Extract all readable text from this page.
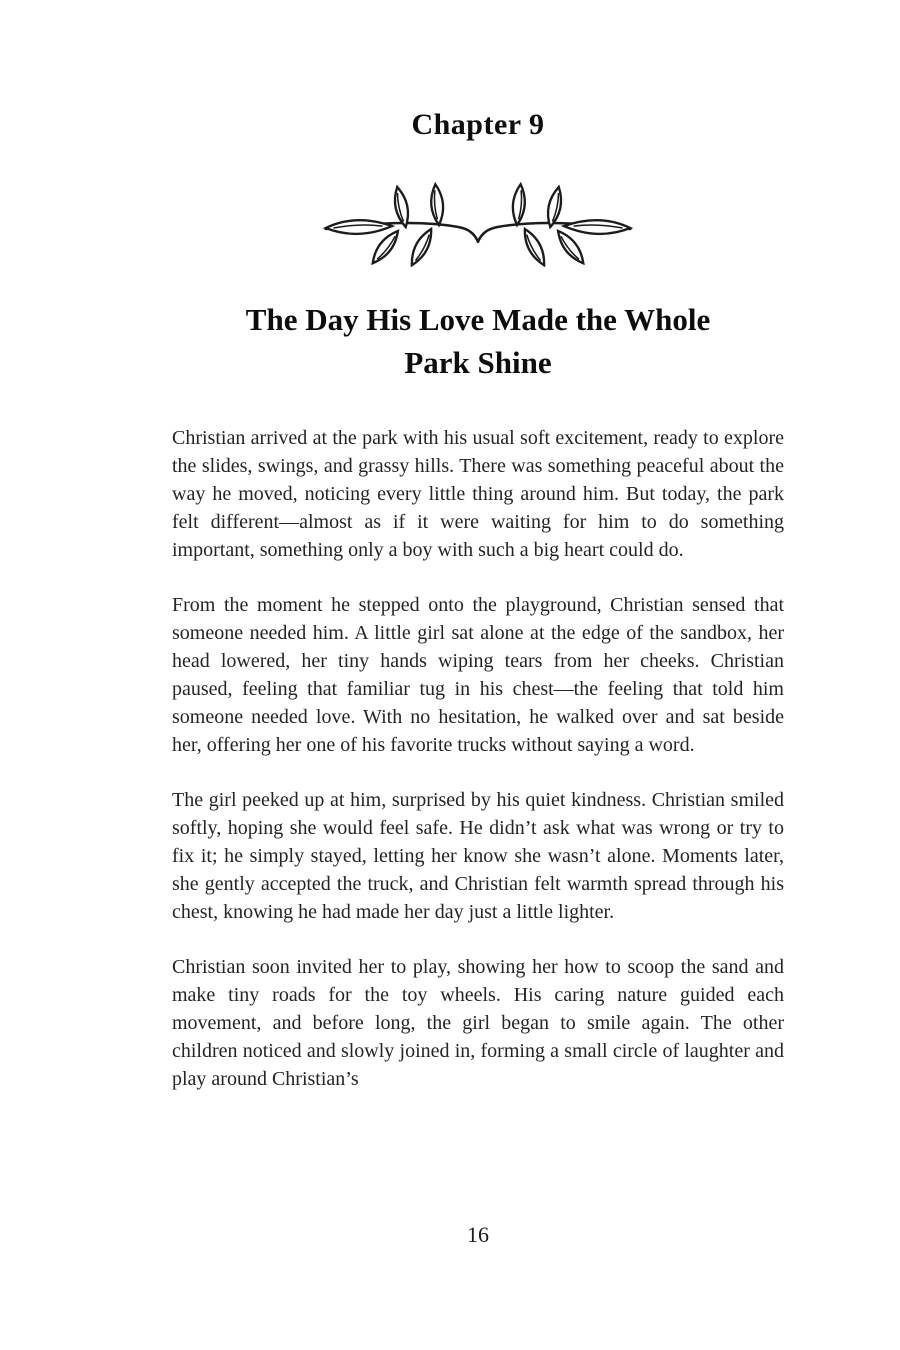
Chapter 9
The Day His Love Made the Whole
Park Shine

Christian arrived at the park with his usual soft excitement, ready to explore the slides, swings, and grassy hills. There was something peaceful about the way he moved, noticing every little thing around him. But today, the park felt different—almost as if it were waiting for him to do something important, something only a boy with such a big heart could do.

From the moment he stepped onto the playground, Christian sensed that someone needed him. A little girl sat alone at the edge of the sandbox, her head lowered, her tiny hands wiping tears from her cheeks. Christian paused, feeling that familiar tug in his chest—the feeling that told him someone needed love. With no hesitation, he walked over and sat beside her, offering her one of his favorite trucks without saying a word.

The girl peeked up at him, surprised by his quiet kindness. Christian smiled softly, hoping she would feel safe. He didn’t ask what was wrong or try to fix it; he simply stayed, letting her know she wasn’t alone. Moments later, she gently accepted the truck, and Christian felt warmth spread through his chest, knowing he had made her day just a little lighter.

Christian soon invited her to play, showing her how to scoop the sand and make tiny roads for the toy wheels. His caring nature guided each movement, and before long, the girl began to smile again. The other children noticed and slowly joined in, forming a small circle of laughter and play around Christian’s

16
